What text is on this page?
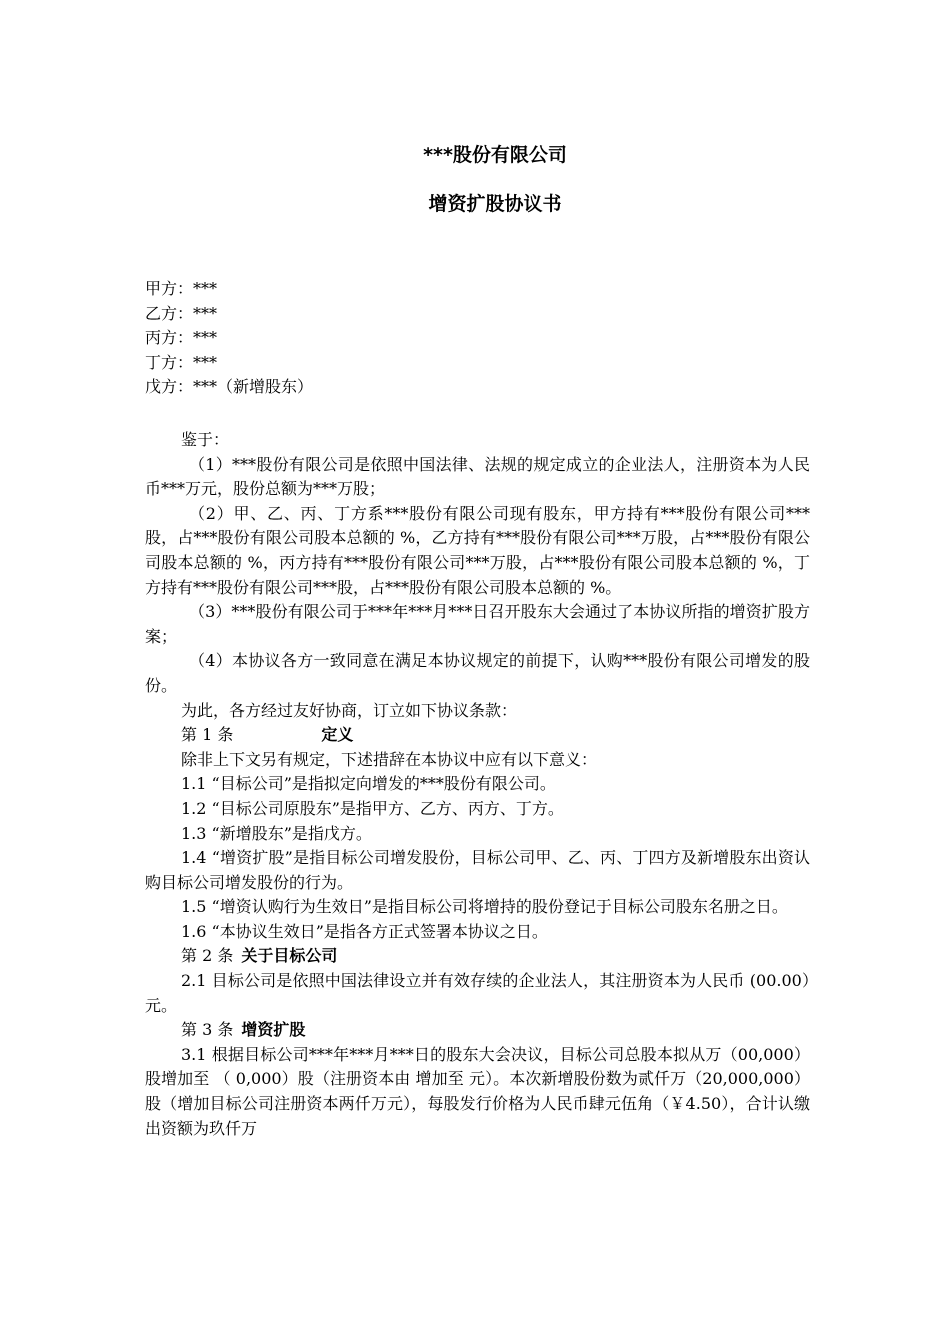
***股份有限公司
增资扩股协议书
甲方：***
乙方：***
丙方：***
丁方：***
戊方：***（新增股东）

鉴于：

（1）***股份有限公司是依照中国法律、法规的规定成立的企业法人，注册资本为人民币***万元，股份总额为***万股；

（2）甲、乙、丙、丁方系***股份有限公司现有股东，甲方持有***股份有限公司***股，占***股份有限公司股本总额的 %，乙方持有***股份有限公司***万股，占***股份有限公司股本总额的 %，丙方持有***股份有限公司***万股，占***股份有限公司股本总额的 %，丁方持有***股份有限公司***股，占***股份有限公司股本总额的 %。

（3）***股份有限公司于***年***月***日召开股东大会通过了本协议所指的增资扩股方案；

（4）本协议各方一致同意在满足本协议规定的前提下，认购***股份有限公司增发的股份。

为此，各方经过友好协商，订立如下协议条款：

第 1 条	定义

除非上下文另有规定，下述措辞在本协议中应有以下意义：

1.1 “目标公司”是指拟定向增发的***股份有限公司。

1.2 “目标公司原股东”是指甲方、乙方、丙方、丁方。

1.3 “新增股东”是指戊方。

1.4 “增资扩股”是指目标公司增发股份，目标公司甲、乙、丙、丁四方及新增股东出资认购目标公司增发股份的行为。

1.5 “增资认购行为生效日”是指目标公司将增持的股份登记于目标公司股东名册之日。

1.6 “本协议生效日”是指各方正式签署本协议之日。

第 2 条 关于目标公司

2.1 目标公司是依照中国法律设立并有效存续的企业法人，其注册资本为人民币 (00.00）元。

第 3 条 增资扩股

3.1 根据目标公司***年***月***日的股东大会决议，目标公司总股本拟从万（00,000）股增加至 （ 0,000）股（注册资本由 增加至 元）。本次新增股份数为贰仟万（20,000,000）股（增加目标公司注册资本两仟万元），每股发行价格为人民币肆元伍角（￥4.50），合计认缴出资额为玖仟万
